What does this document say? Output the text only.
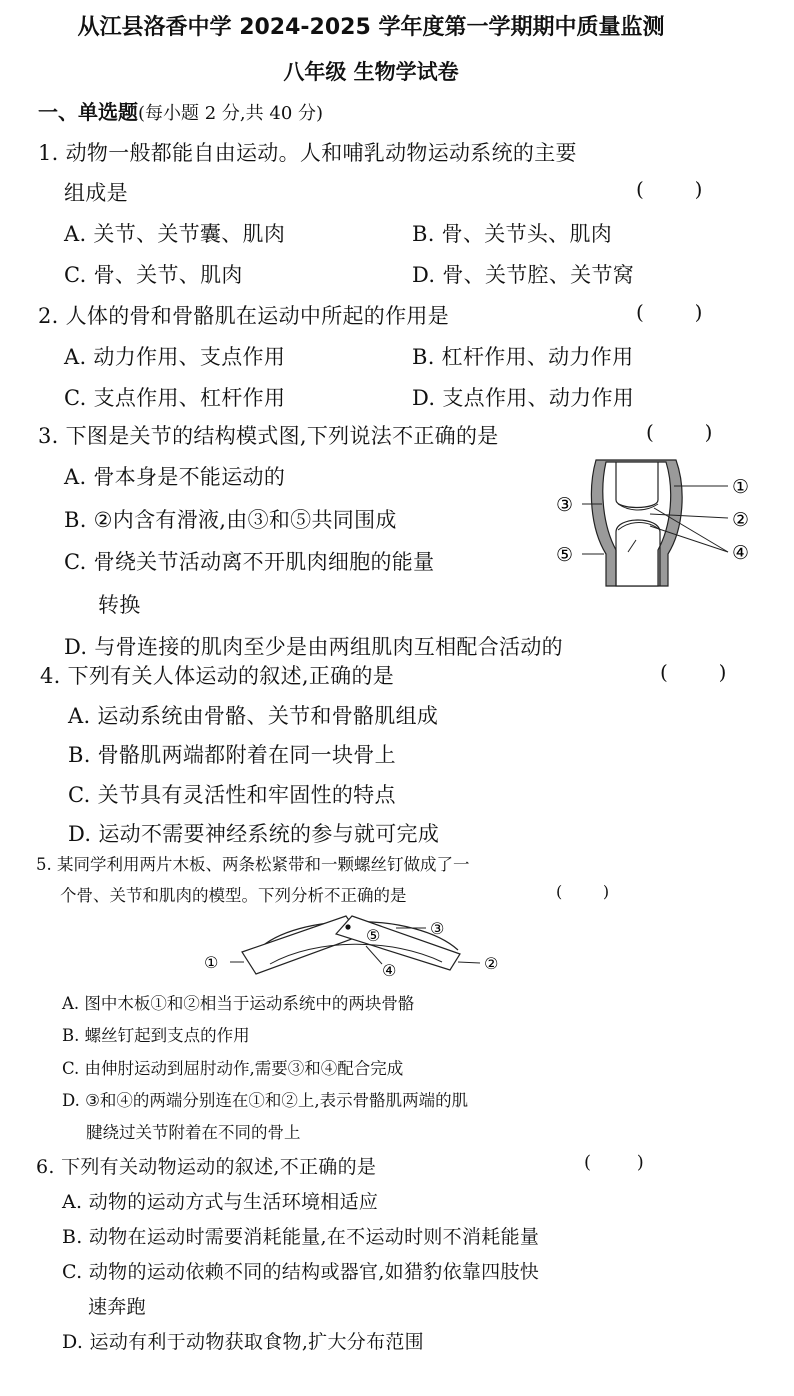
从江县洛香中学 2024-2025 学年度第一学期期中质量监测
八年级 生物学试卷
一、单选题(每小题 2 分,共 40 分)
1. 动物一般都能自由运动。人和哺乳动物运动系统的主要
组成是	(        )
A. 关节、关节囊、肌肉	B. 骨、关节头、肌肉
C. 骨、关节、肌肉	D. 骨、关节腔、关节窝
2. 人体的骨和骨骼肌在运动中所起的作用是	(        )
A. 动力作用、支点作用	B. 杠杆作用、动力作用
C. 支点作用、杠杆作用	D. 支点作用、动力作用
3. 下图是关节的结构模式图,下列说法不正确的是	(        )
A. 骨本身是不能运动的
B. ②内含有滑液,由③和⑤共同围成
C. 骨绕关节活动离不开肌肉细胞的能量
转换
D. 与骨连接的肌肉至少是由两组肌肉互相配合活动的
①
②
③
④
⑤
4. 下列有关人体运动的叙述,正确的是	(        )
A. 运动系统由骨骼、关节和骨骼肌组成
B. 骨骼肌两端都附着在同一块骨上
C. 关节具有灵活性和牢固性的特点
D. 运动不需要神经系统的参与就可完成
5. 某同学利用两片木板、两条松紧带和一颗螺丝钉做成了一
个骨、关节和肌肉的模型。下列分析不正确的是	(        )
①	②
③
④
⑤
A. 图中木板①和②相当于运动系统中的两块骨骼
B. 螺丝钉起到支点的作用
C. 由伸肘运动到屈肘动作,需要③和④配合完成
D. ③和④的两端分别连在①和②上,表示骨骼肌两端的肌
腱绕过关节附着在不同的骨上
6. 下列有关动物运动的叙述,不正确的是	(        )
A. 动物的运动方式与生活环境相适应
B. 动物在运动时需要消耗能量,在不运动时则不消耗能量
C. 动物的运动依赖不同的结构或器官,如猎豹依靠四肢快
速奔跑
D. 运动有利于动物获取食物,扩大分布范围
